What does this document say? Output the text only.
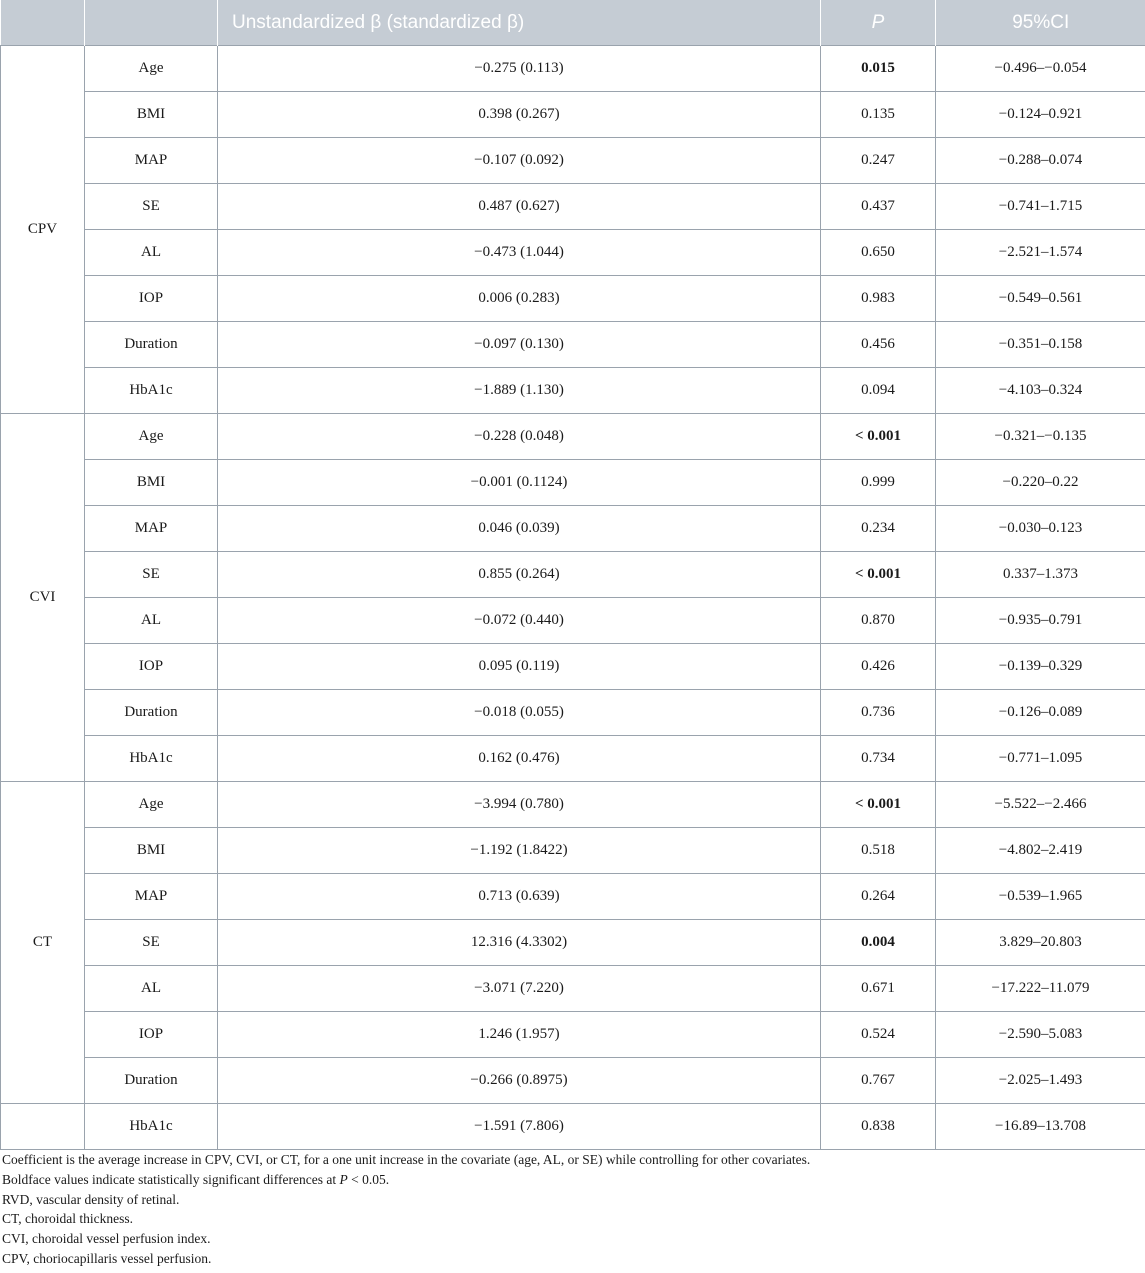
		Unstandardized β (standardized β)	P	95%CI
CPV	Age	−0.275 (0.113)	0.015	−0.496–−0.054
	BMI	0.398 (0.267)	0.135	−0.124–0.921
	MAP	−0.107 (0.092)	0.247	−0.288–0.074
	SE	0.487 (0.627)	0.437	−0.741–1.715
	AL	−0.473 (1.044)	0.650	−2.521–1.574
	IOP	0.006 (0.283)	0.983	−0.549–0.561
	Duration	−0.097 (0.130)	0.456	−0.351–0.158
	HbA1c	−1.889 (1.130)	0.094	−4.103–0.324
CVI	Age	−0.228 (0.048)	< 0.001	−0.321–−0.135
	BMI	−0.001 (0.1124)	0.999	−0.220–0.22
	MAP	0.046 (0.039)	0.234	−0.030–0.123
	SE	0.855 (0.264)	< 0.001	0.337–1.373
	AL	−0.072 (0.440)	0.870	−0.935–0.791
	IOP	0.095 (0.119)	0.426	−0.139–0.329
	Duration	−0.018 (0.055)	0.736	−0.126–0.089
	HbA1c	0.162 (0.476)	0.734	−0.771–1.095
CT	Age	−3.994 (0.780)	< 0.001	−5.522–−2.466
	BMI	−1.192 (1.8422)	0.518	−4.802–2.419
	MAP	0.713 (0.639)	0.264	−0.539–1.965
	SE	12.316 (4.3302)	0.004	3.829–20.803
	AL	−3.071 (7.220)	0.671	−17.222–11.079
	IOP	1.246 (1.957)	0.524	−2.590–5.083
	Duration	−0.266 (0.8975)	0.767	−2.025–1.493
	HbA1c	−1.591 (7.806)	0.838	−16.89–13.708
Coefficient is the average increase in CPV, CVI, or CT, for a one unit increase in the covariate (age, AL, or SE) while controlling for other covariates.
Boldface values indicate statistically significant differences at P < 0.05.
RVD, vascular density of retinal.
CT, choroidal thickness.
CVI, choroidal vessel perfusion index.
CPV, choriocapillaris vessel perfusion.
